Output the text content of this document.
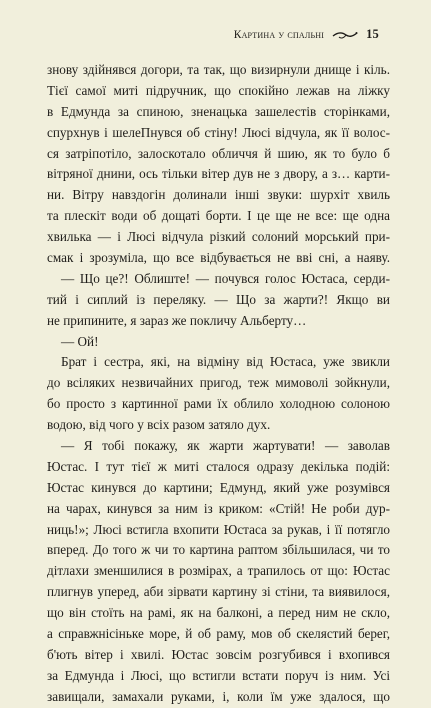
Картина у спальні	15
знову здійнявся догори, та так, що визирнули днище і кіль.
Тієї самої миті підручник, що спокійно лежав на ліжку
в Едмунда за спиною, зненацька зашелестів сторінками,
спурхнув і шелеПнувся об стіну! Люсі відчула, як її волос-
ся затріпотіло, залоскотало обличчя й шию, як то було б
вітряної днини, ось тільки вітер дув не з двору, а з… карти-
ни. Вітру навздогін долинали інші звуки: шурхіт хвиль
та плескіт води об дощаті борти. І це ще не все: ще одна
хвилька — і Люсі відчула різкий солоний морський при-
смак і зрозуміла, що все відбувається не вві сні, а наяву.
— Що це?! Облиште! — почувся голос Юстаса, серди-
тий і сиплий із переляку. — Що за жарти?! Якщо ви
не припините, я зараз же покличу Альберту…
— Ой!
Брат і сестра, які, на відміну від Юстаса, уже звикли
до всіляких незвичайних пригод, теж мимоволі зойкнули,
бо просто з картинної рами їх облило холодною солоною
водою, від чого у всіх разом затяло дух.
— Я тобі покажу, як жарти жартувати! — заволав
Юстас. І тут тієї ж миті сталося одразу декілька подій:
Юстас кинувся до картини; Едмунд, який уже розумівся
на чарах, кинувся за ним із криком: «Стій! Не роби дур-
ниць!»; Люсі встигла вхопити Юстаса за рукав, і її потягло
вперед. До того ж чи то картина раптом збільшилася, чи то
дітлахи зменшилися в розмірах, а трапилось от що: Юстас
плигнув уперед, аби зірвати картину зі стіни, та виявилося,
що він стоїть на рамі, як на балконі, а перед ним не скло,
а справжнісіньке море, й об раму, мов об скелястий берег,
б'ють вітер і хвилі. Юстас зовсім розгубився і вхопився
за Едмунда і Люсі, що встигли встати поруч із ним. Усі
завищали, замахали руками, і, коли їм уже здалося, що
